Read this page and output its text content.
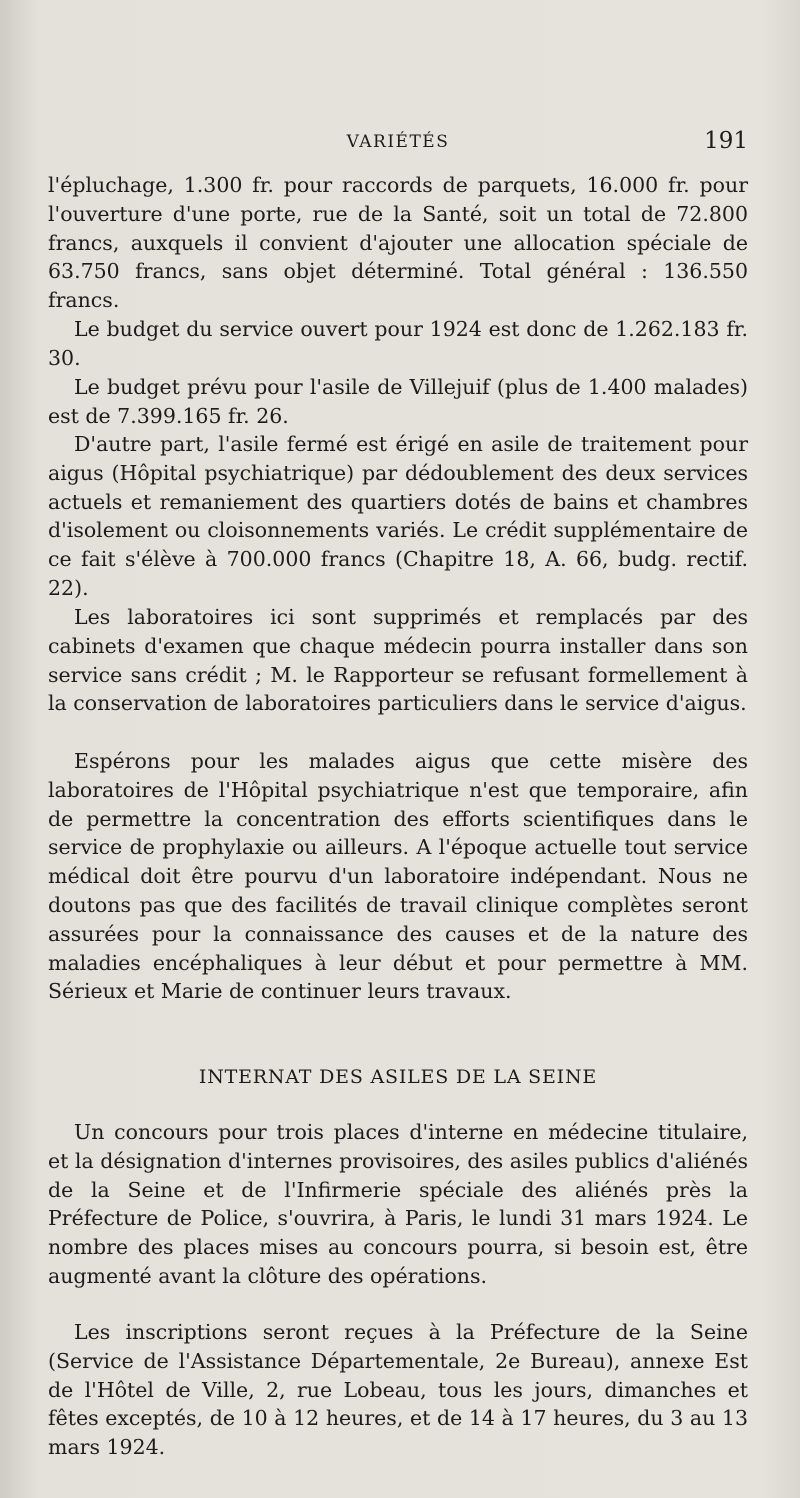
VARIÉTÉS	191

l'épluchage, 1.300 fr. pour raccords de parquets, 16.000 fr. pour l'ouverture d'une porte, rue de la Santé, soit un total de 72.800 francs, auxquels il convient d'ajouter une allocation spéciale de 63.750 francs, sans objet déterminé. Total général : 136.550 francs.

Le budget du service ouvert pour 1924 est donc de 1.262.183 fr. 30.

Le budget prévu pour l'asile de Villejuif (plus de 1.400 malades) est de 7.399.165 fr. 26.

D'autre part, l'asile fermé est érigé en asile de traitement pour aigus (Hôpital psychiatrique) par dédoublement des deux services actuels et remaniement des quartiers dotés de bains et chambres d'isolement ou cloisonnements variés. Le crédit supplémentaire de ce fait s'élève à 700.000 francs (Chapitre 18, A. 66, budg. rectif. 22).

Les laboratoires ici sont supprimés et remplacés par des cabinets d'examen que chaque médecin pourra installer dans son service sans crédit ; M. le Rapporteur se refusant formellement à la conservation de laboratoires particuliers dans le service d'aigus.

Espérons pour les malades aigus que cette misère des laboratoires de l'Hôpital psychiatrique n'est que temporaire, afin de permettre la concentration des efforts scientifiques dans le service de prophylaxie ou ailleurs. A l'époque actuelle tout service médical doit être pourvu d'un laboratoire indépendant. Nous ne doutons pas que des facilités de travail clinique complètes seront assurées pour la connaissance des causes et de la nature des maladies encéphaliques à leur début et pour permettre à MM. Sérieux et Marie de continuer leurs travaux.

INTERNAT DES ASILES DE LA SEINE

Un concours pour trois places d'interne en médecine titulaire, et la désignation d'internes provisoires, des asiles publics d'aliénés de la Seine et de l'Infirmerie spéciale des aliénés près la Préfecture de Police, s'ouvrira, à Paris, le lundi 31 mars 1924. Le nombre des places mises au concours pourra, si besoin est, être augmenté avant la clôture des opérations.

Les inscriptions seront reçues à la Préfecture de la Seine (Service de l'Assistance Départementale, 2e Bureau), annexe Est de l'Hôtel de Ville, 2, rue Lobeau, tous les jours, dimanches et fêtes exceptés, de 10 à 12 heures, et de 14 à 17 heures, du 3 au 13 mars 1924.
